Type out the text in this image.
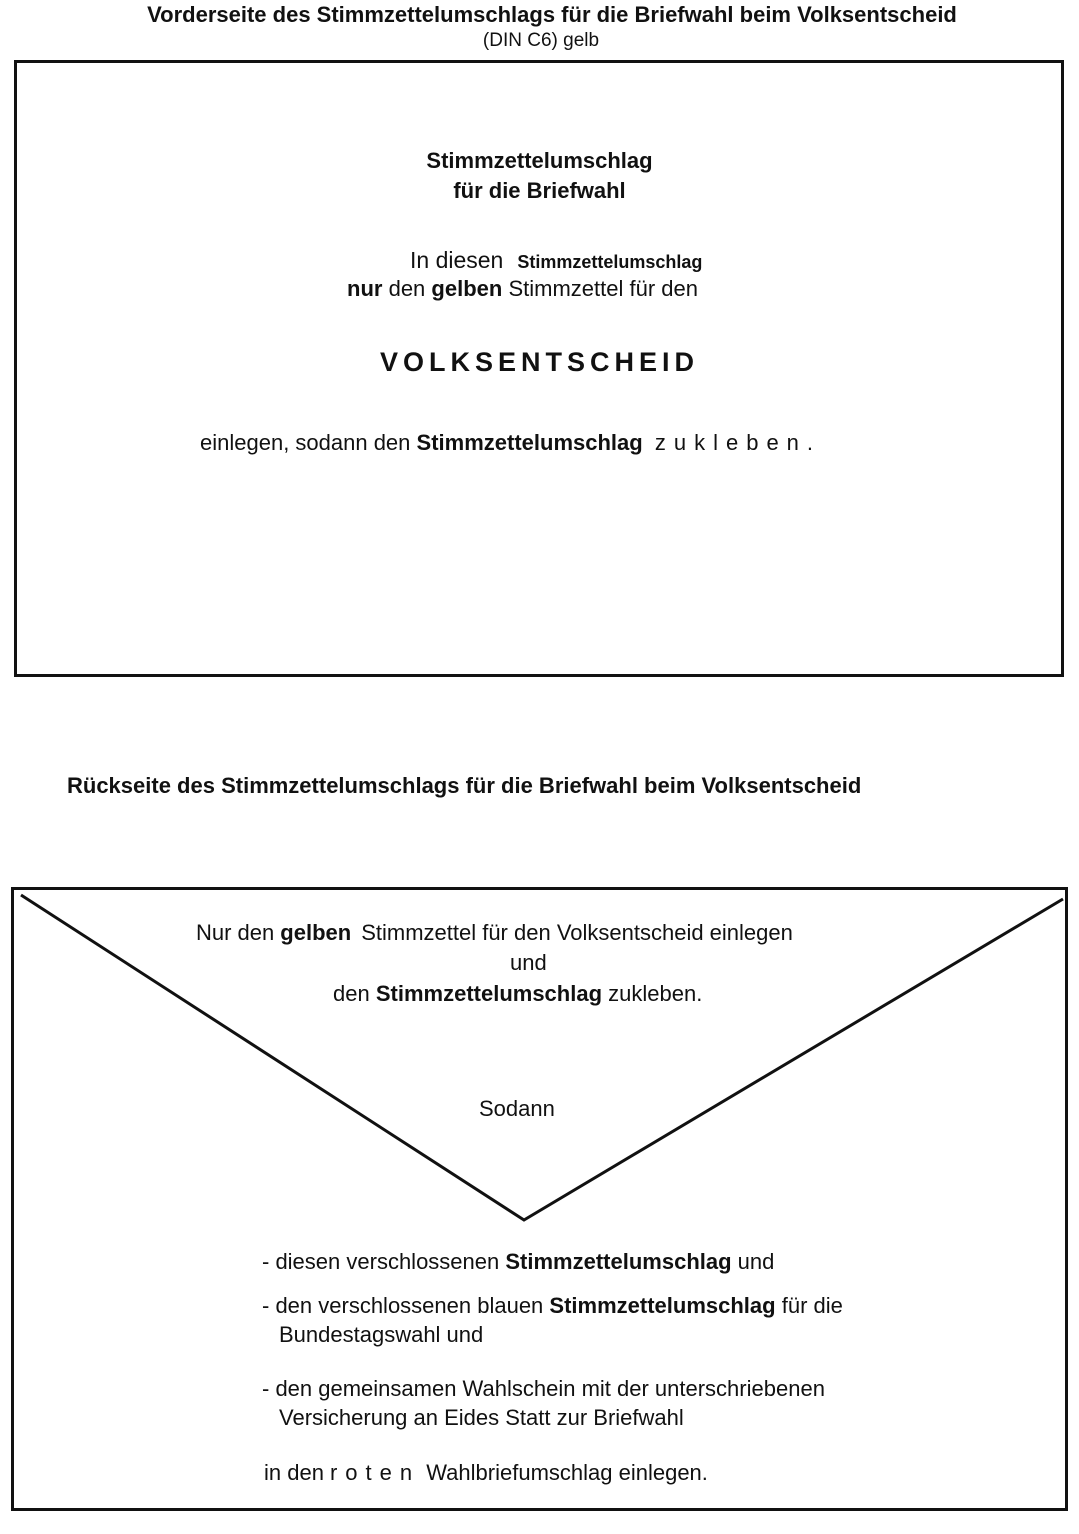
Vorderseite des Stimmzettelumschlags für die Briefwahl beim Volksentscheid
(DIN C6) gelb
Stimmzettelumschlag
für die Briefwahl
In diesen Stimmzettelumschlag
nur den gelben Stimmzettel für den
VOLKSENTSCHEID
einlegen, sodann den Stimmzettelumschlag zukleben.
Rückseite des Stimmzettelumschlags für die Briefwahl beim Volksentscheid
Nur den gelben Stimmzettel für den Volksentscheid einlegen
und
den Stimmzettelumschlag zukleben.
Sodann
- diesen verschlossenen Stimmzettelumschlag und
- den verschlossenen blauen Stimmzettelumschlag für die
Bundestagswahl und
- den gemeinsamen Wahlschein mit der unterschriebenen
Versicherung an Eides Statt zur Briefwahl
in den roten Wahlbriefumschlag einlegen.
